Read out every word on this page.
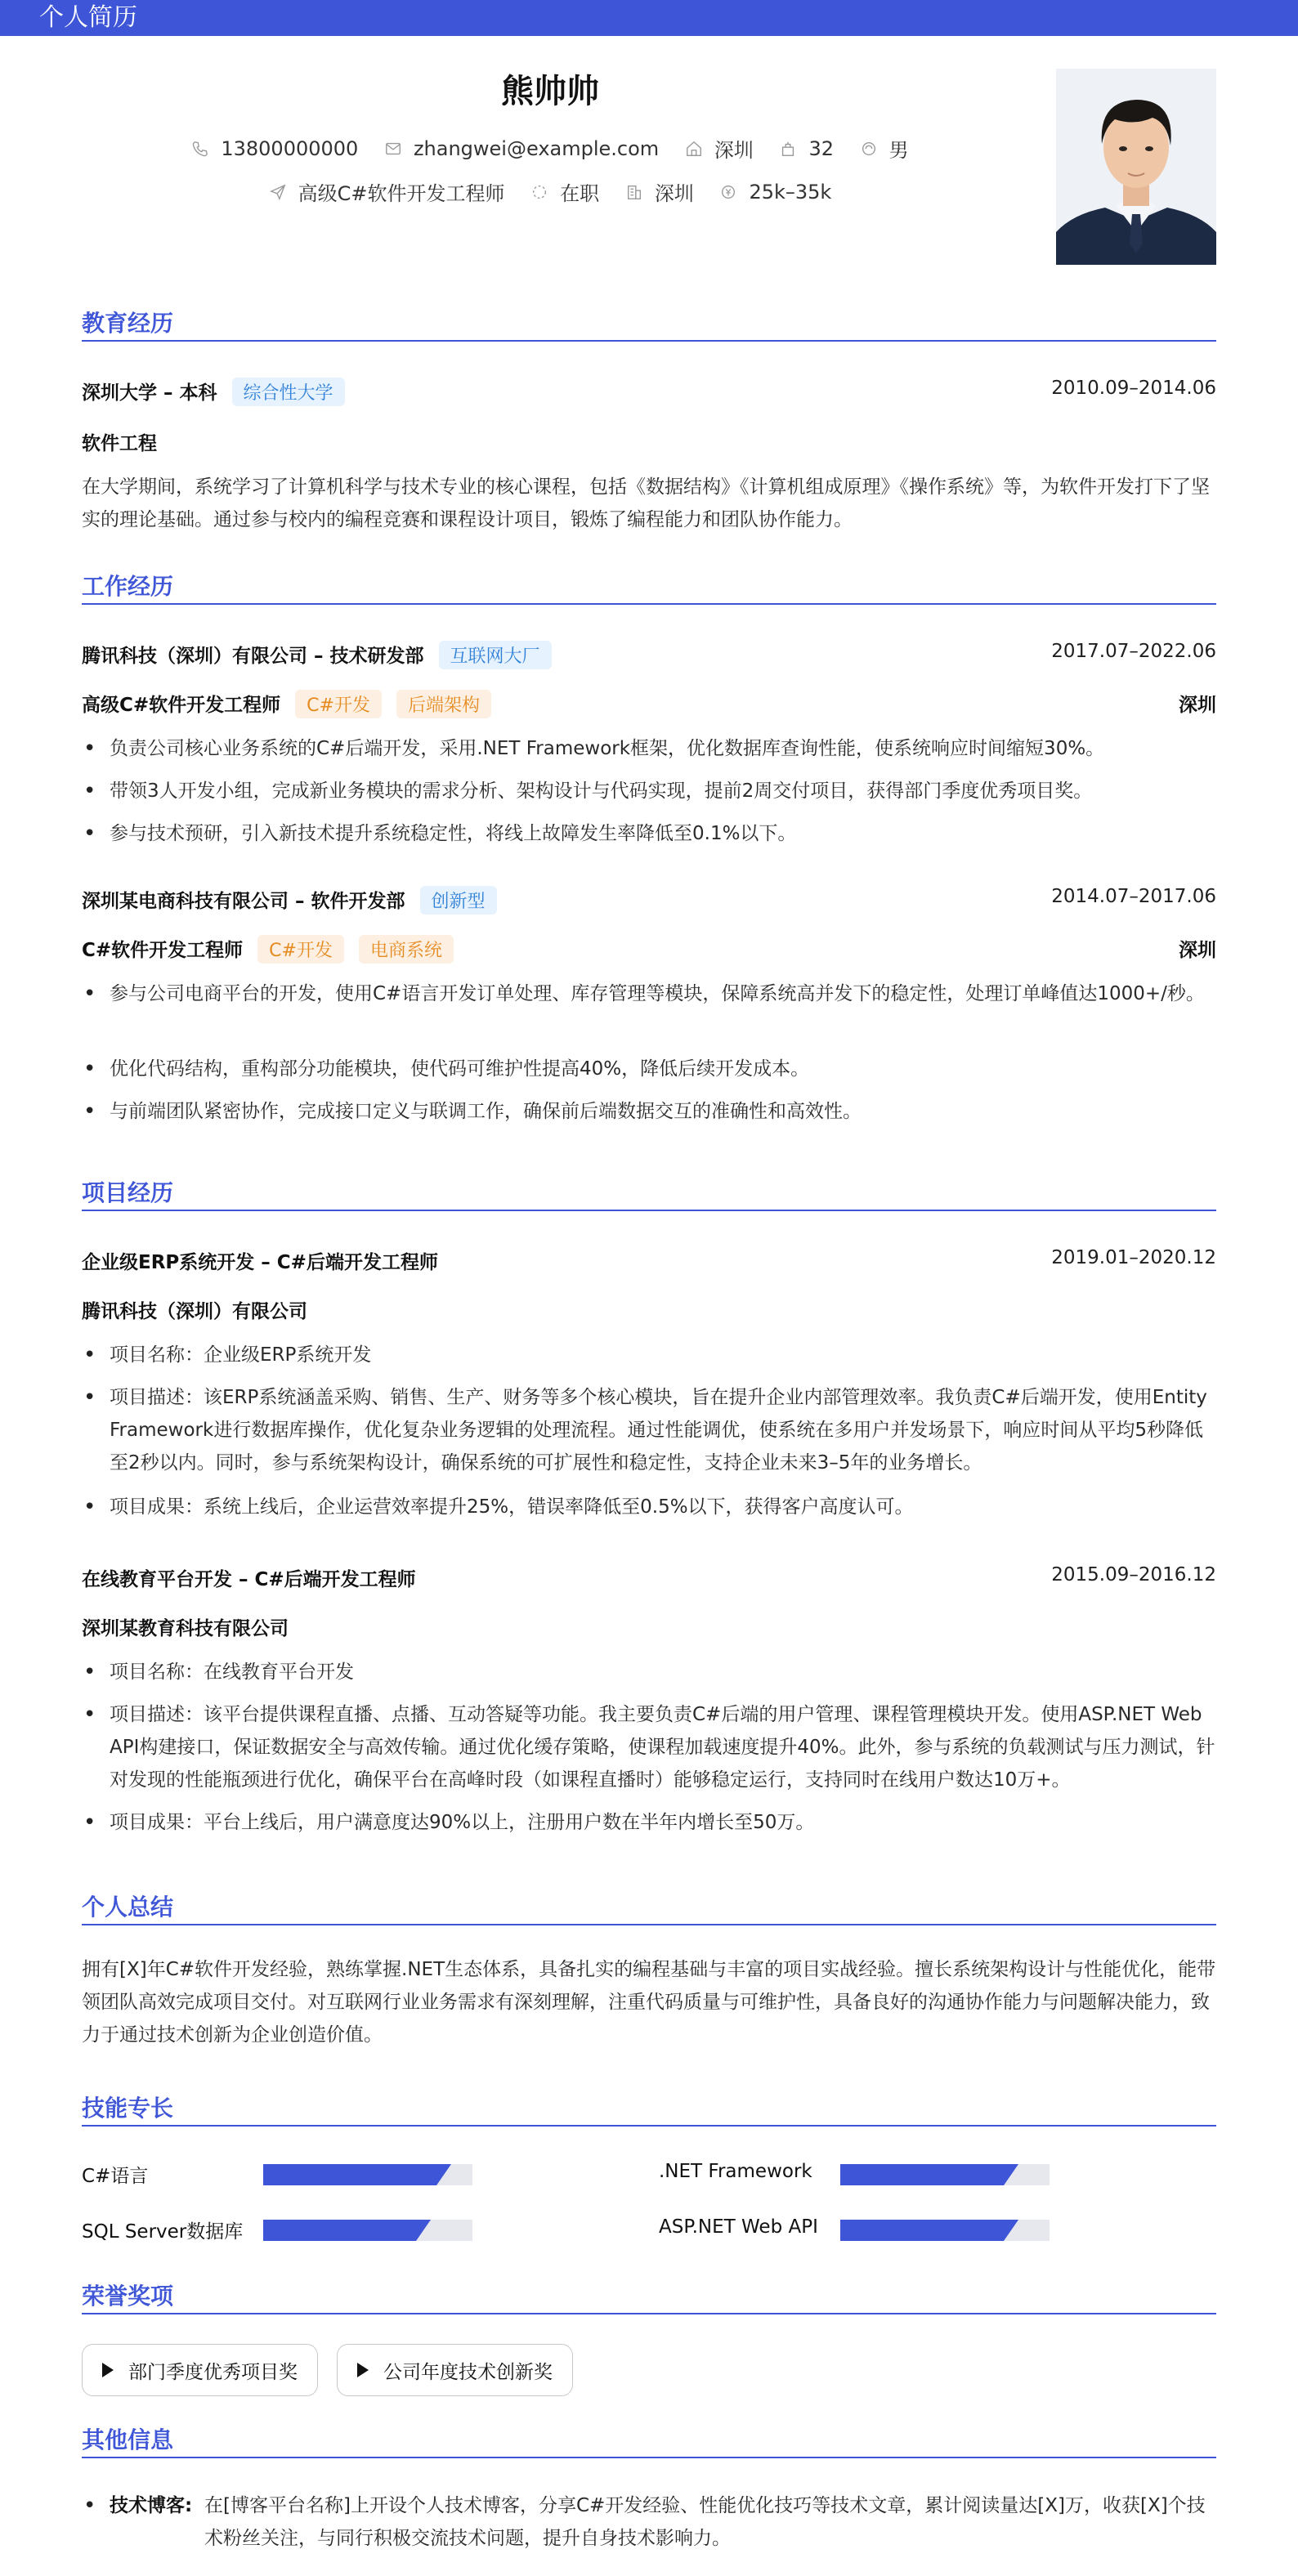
个人简历
熊帅帅
13800000000
	zhangwei@example.com
	深圳
	32
	男
高级C#软件开发工程师
	在职
	深圳
	25k–35k
教育经历
深圳大学 – 本科 综合性大学	2010.09–2014.06
软件工程
在大学期间，系统学习了计算机科学与技术专业的核心课程，包括《数据结构》《计算机组成原理》《操作系统》等，为软件开发打下了坚实的理论基础。通过参与校内的编程竞赛和课程设计项目，锻炼了编程能力和团队协作能力。
工作经历
腾讯科技（深圳）有限公司 – 技术研发部 互联网大厂	2017.07–2022.06
高级C#软件开发工程师 C#开发 后端架构	深圳
• 负责公司核心业务系统的C#后端开发，采用.NET Framework框架，优化数据库查询性能，使系统响应时间缩短30%。
• 带领3人开发小组，完成新业务模块的需求分析、架构设计与代码实现，提前2周交付项目，获得部门季度优秀项目奖。
• 参与技术预研，引入新技术提升系统稳定性，将线上故障发生率降低至0.1%以下。
深圳某电商科技有限公司 – 软件开发部 创新型	2014.07–2017.06
C#软件开发工程师 C#开发 电商系统	深圳
• 参与公司电商平台的开发，使用C#语言开发订单处理、库存管理等模块，保障系统高并发下的稳定性，处理订单峰值达1000+/秒。
• 优化代码结构，重构部分功能模块，使代码可维护性提高40%，降低后续开发成本。
• 与前端团队紧密协作，完成接口定义与联调工作，确保前后端数据交互的准确性和高效性。
项目经历
企业级ERP系统开发 – C#后端开发工程师	2019.01–2020.12
腾讯科技（深圳）有限公司
• 项目名称：企业级ERP系统开发
• 项目描述：该ERP系统涵盖采购、销售、生产、财务等多个核心模块，旨在提升企业内部管理效率。我负责C#后端开发，使用Entity Framework进行数据库操作，优化复杂业务逻辑的处理流程。通过性能调优，使系统在多用户并发场景下，响应时间从平均5秒降低至2秒以内。同时，参与系统架构设计，确保系统的可扩展性和稳定性，支持企业未来3–5年的业务增长。
• 项目成果：系统上线后，企业运营效率提升25%，错误率降低至0.5%以下，获得客户高度认可。
在线教育平台开发 – C#后端开发工程师	2015.09–2016.12
深圳某教育科技有限公司
• 项目名称：在线教育平台开发
• 项目描述：该平台提供课程直播、点播、互动答疑等功能。我主要负责C#后端的用户管理、课程管理模块开发。使用ASP.NET Web API构建接口，保证数据安全与高效传输。通过优化缓存策略，使课程加载速度提升40%。此外，参与系统的负载测试与压力测试，针对发现的性能瓶颈进行优化，确保平台在高峰时段（如课程直播时）能够稳定运行，支持同时在线用户数达10万+。
• 项目成果：平台上线后，用户满意度达90%以上，注册用户数在半年内增长至50万。
个人总结
拥有[X]年C#软件开发经验，熟练掌握.NET生态体系，具备扎实的编程基础与丰富的项目实战经验。擅长系统架构设计与性能优化，能带领团队高效完成项目交付。对互联网行业业务需求有深刻理解，注重代码质量与可维护性，具备良好的沟通协作能力与问题解决能力，致力于通过技术创新为企业创造价值。
技能专长
C#语言	.NET Framework
SQL Server数据库	ASP.NET Web API
荣誉奖项
部门季度优秀项目奖	公司年度技术创新奖
其他信息
• 技术博客: 在[博客平台名称]上开设个人技术博客，分享C#开发经验、性能优化技巧等技术文章，累计阅读量达[X]万，收获[X]个技术粉丝关注，与同行积极交流技术问题，提升自身技术影响力。
